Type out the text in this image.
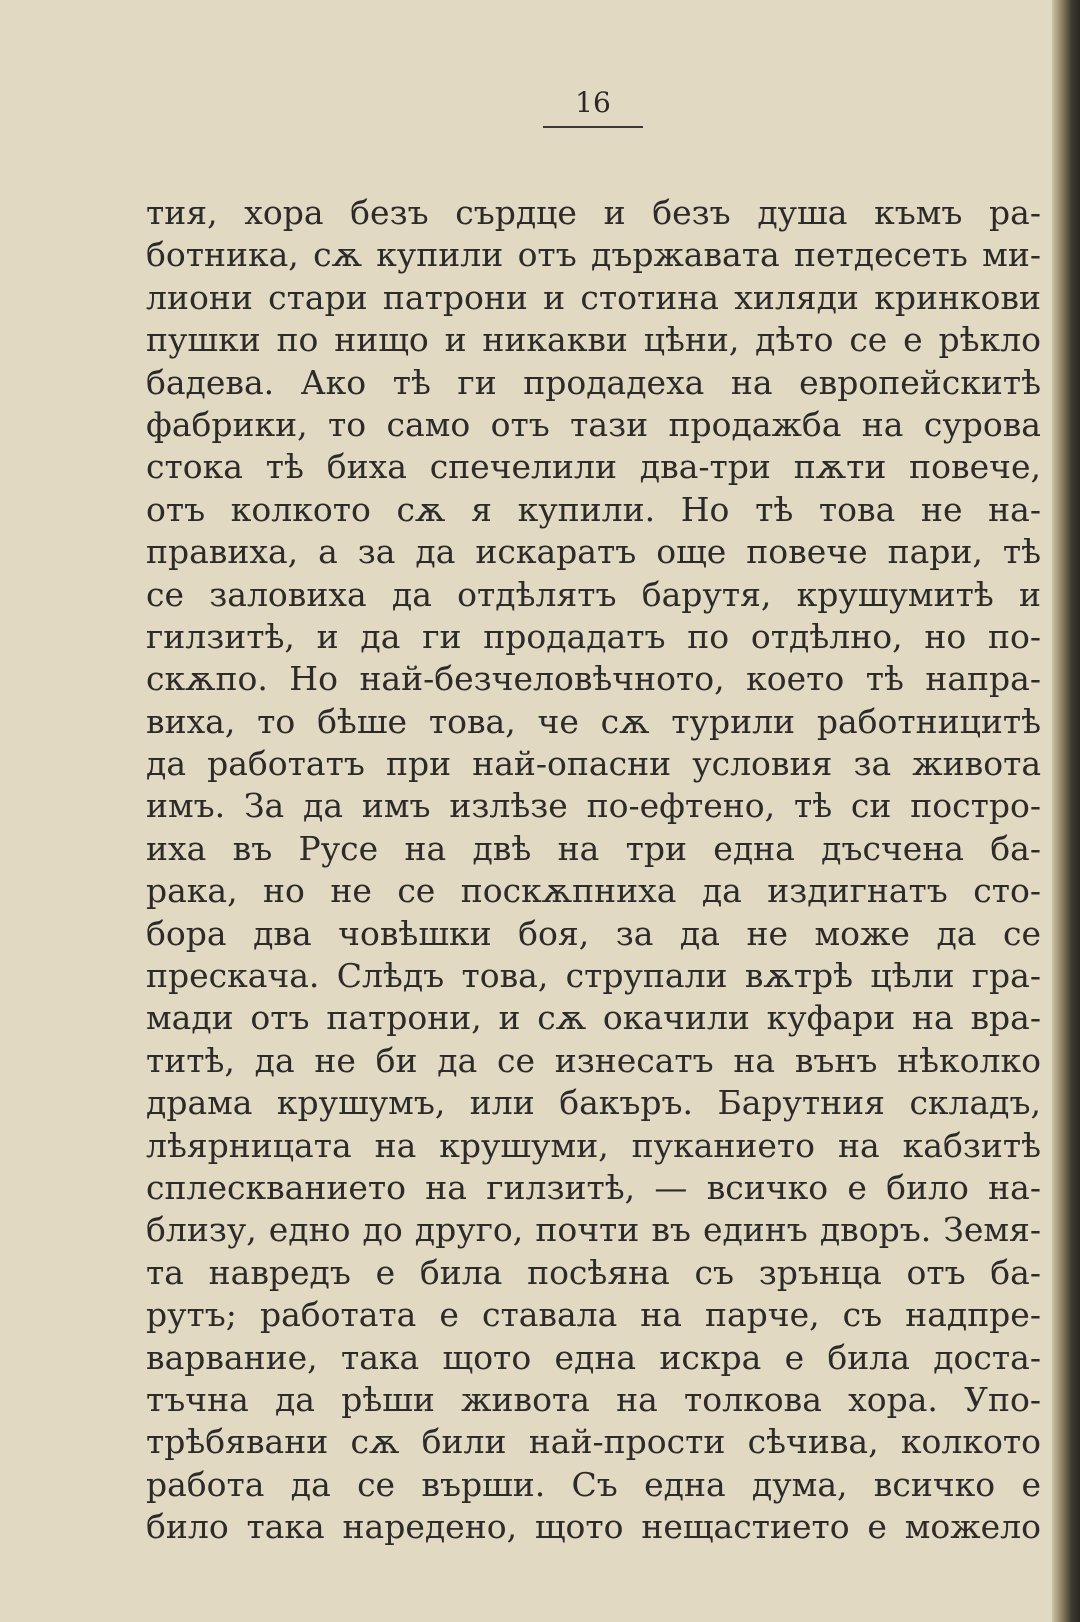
16
тия, хора безъ сърдце и безъ душа къмъ ра-
ботника, сѫ купили отъ държавата петдесеть ми-
лиони стари патрони и стотина хиляди кринкови
пушки по нищо и никакви цѣни, дѣто се е рѣкло
бадева. Ако тѣ ги продадеха на европейскитѣ
фабрики, то само отъ тази продажба на сурова
стока тѣ биха спечелили два-три пѫти повече,
отъ колкото сѫ я купили. Но тѣ това не на-
правиха, а за да искаратъ още повече пари, тѣ
се заловиха да отдѣлятъ барутя, крушумитѣ и
гилзитѣ, и да ги продадатъ по отдѣлно, но по-
скѫпо. Но най-безчеловѣчното, което тѣ напра-
виха, то бѣше това, че сѫ турили работницитѣ
да работатъ при най-опасни условия за живота
имъ. За да имъ излѣзе по-ефтено, тѣ си постро-
иха въ Русе на двѣ на три една дъсчена ба-
рака, но не се поскѫпниха да издигнатъ сто-
бора два човѣшки боя, за да не може да се
прескача. Слѣдъ това, струпали вѫтрѣ цѣли гра-
мади отъ патрони, и сѫ окачили куфари на вра-
титѣ, да не би да се изнесатъ на вънъ нѣколко
драма крушумъ, или бакъръ. Барутния складъ,
лѣярницата на крушуми, пуканието на кабзитѣ
сплескванието на гилзитѣ, — всичко е било на-
близу, едно до друго, почти въ единъ дворъ. Земя-
та навредъ е била посѣяна съ зрънца отъ ба-
рутъ; работата е ставала на парче, съ надпре-
варвание, така щото една искра е била доста-
тъчна да рѣши живота на толкова хора. Упо-
трѣбявани сѫ били най-прости сѣчива, колкото
работа да се върши. Съ една дума, всичко е
било така наредено, щото нещастието е можело
